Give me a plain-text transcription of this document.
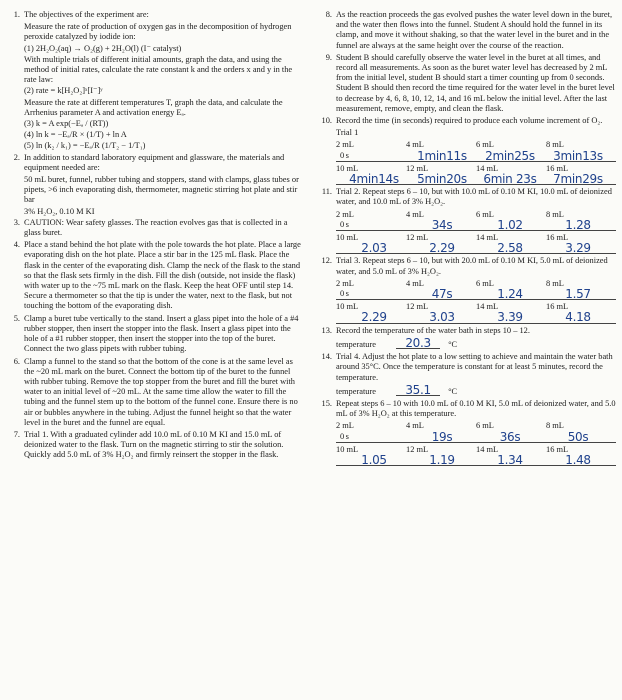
1. The objectives of the experiment are:
Measure the rate of production of oxygen gas in the decomposition of hydrogen peroxide catalyzed by iodide ion:
(1) 2H₂O₂(aq) → O₂(g) + 2H₂O(l) (I⁻ catalyst)
With multiple trials of different initial amounts, graph the data, and using the method of initial rates, calculate the rate constant k and the orders x and y in the rate law:
(2) rate = k[H₂O₂]ˣ[I⁻]ʸ
Measure the rate at different temperatures T, graph the data, and calculate the Arrhenius parameter A and activation energy Eₐ.
(3) k = A exp(−Eₐ / (RT))
(4) ln k = −Eₐ/R × (1/T) + ln A
(5) ln (k₂ / k₁) = −Eₐ/R (1/T₂ − 1/T₁)
2. In addition to standard laboratory equipment and glassware, the materials and equipment needed are:
50 mL buret, funnel, rubber tubing and stoppers, stand with clamps, glass tubes or pipets, >6 inch evaporating dish, thermometer, magnetic stirring hot plate and stir bar
3% H₂O₂, 0.10 M KI
3. CAUTION: Wear safety glasses. The reaction evolves gas that is collected in a glass buret.
4. Place a stand behind the hot plate with the pole towards the hot plate. Place a large evaporating dish on the hot plate. Place a stir bar in the 125 mL flask. Place the flask in the center of the evaporating dish. Clamp the neck of the flask to the stand so that the flask sets firmly in the dish. Fill the dish (outside, not inside the flask) with water up to the ~75 mL mark on the flask. Keep the heat OFF until step 14. Secure a thermometer so that the tip is under the water, next to the flask, but not touching the bottom of the evaporating dish.
5. Clamp a buret tube vertically to the stand. Insert a glass pipet into the hole of a #4 rubber stopper, then insert the stopper into the flask. Insert a glass pipet into the hole of a #1 rubber stopper, then insert the stopper into the top of the buret. Connect the two glass pipets with rubber tubing.
6. Clamp a funnel to the stand so that the bottom of the cone is at the same level as the ~20 mL mark on the buret. Connect the bottom tip of the buret to the funnel with rubber tubing. Remove the top stopper from the buret and fill the buret with water to an initial level of ~20 mL. At the same time allow the water to fill the tubing and the funnel stem up to the bottom of the funnel cone. Ensure there is no air or bubbles anywhere in the tubing. Adjust the funnel height so that the water level in the buret and the funnel are equal.
7. Trial 1. With a graduated cylinder add 10.0 mL of 0.10 M KI and 15.0 mL of deionized water to the flask. Turn on the magnetic stirring to stir the solution. Quickly add 5.0 mL of 3% H₂O₂ and firmly reinsert the stopper in the flask.
8. As the reaction proceeds the gas evolved pushes the water level down in the buret, and the water then flows into the funnel. Student A should hold the funnel in its clamp, and move it without shaking, so that the water level in the buret and in the funnel are always at the same height over the course of the reaction.
9. Student B should carefully observe the water level in the buret at all times, and record all measurements. As soon as the buret water level has decreased by 2 mL from the initial level, student B should start a timer counting up from 0 seconds. Student B should then record the time required for the water level in the buret level to decrease by 4, 6, 8, 10, 12, 14, and 16 mL below the initial level. After the last measurement, remove, empty, and clean the flask.
10. Record the time (in seconds) required to produce each volume increment of O₂.
Trial 1
2 mL	4 mL	6 mL	8 mL
0 s	1min11s	2min25s	3min13s
10 mL	12 mL	14 mL	16 mL
4min14s	5min20s	6min 23s	7min29s
11. Trial 2. Repeat steps 6 – 10, but with 10.0 mL of 0.10 M KI, 10.0 mL of deionized water, and 10.0 mL of 3% H₂O₂.
2 mL	4 mL	6 mL	8 mL
0 s	34s	1.02	1.28
10 mL	12 mL	14 mL	16 mL
2.03	2.29	2.58	3.29
12. Trial 3. Repeat steps 6 – 10, but with 20.0 mL of 0.10 M KI, 5.0 mL of deionized water, and 5.0 mL of 3% H₂O₂.
2 mL	4 mL	6 mL	8 mL
0 s	47s	1.24	1.57
10 mL	12 mL	14 mL	16 mL
2.29	3.03	3.39	4.18
13. Record the temperature of the water bath in steps 10 – 12.
temperature 20.3 °C
14. Trial 4. Adjust the hot plate to a low setting to achieve and maintain the water bath around 35°C. Once the temperature is constant for at least 5 minutes, record the temperature.
temperature 35.1 °C
15. Repeat steps 6 – 10 with 10.0 mL of 0.10 M KI, 5.0 mL of deionized water, and 5.0 mL of 3% H₂O₂ at this temperature.
2 mL	4 mL	6 mL	8 mL
0 s	19s	36s	50s
10 mL	12 mL	14 mL	16 mL
1.05	1.19	1.34	1.48
